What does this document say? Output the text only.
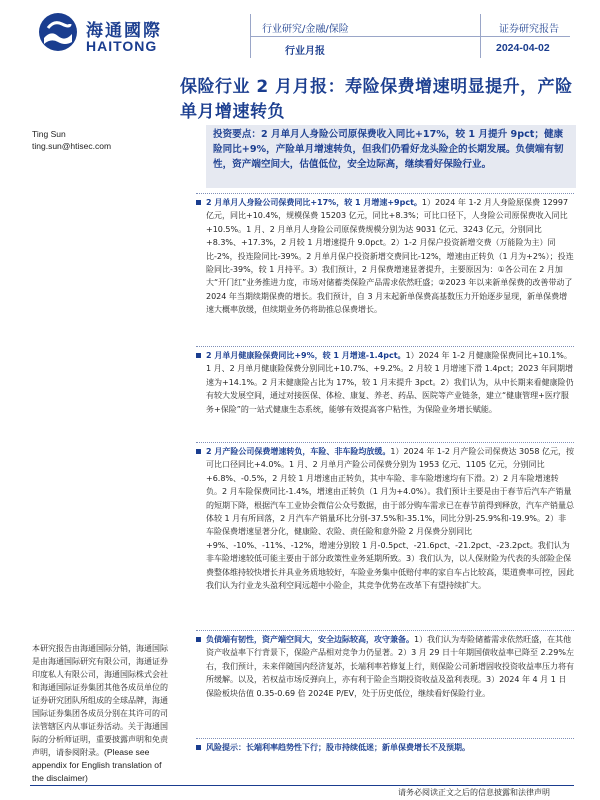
海通國際
HAITONG
行业研究/金融/保险
行业月报
证券研究报告
2024-04-02
保险行业 2 月月报：寿险保费增速明显提升，产险单月增速转负
Ting Sun
ting.sun@htisec.com
投资要点：2 月单月人身险公司原保费收入同比+17%，较 1 月提升 9pct；健康险同比+9%，产险单月增速转负，但我们仍看好龙头险企的长期发展。负债端有韧性，资产端空间大，估值低位，安全边际高，继续看好保险行业。
2 月单月人身险公司保费同比+17%，较 1 月增速+9pct。1）2024 年 1-2 月人身险原保费 12997 亿元，同比+10.4%，规模保费 15203 亿元，同比+8.3%；可比口径下，人身险公司原保费收入同比+10.5%。1 月、2 月单月人身险公司原保费规模分别为达 9031 亿元、3243 亿元，分别同比+8.3%、+17.3%，2 月较 1 月增速提升 9.0pct。2）1-2 月保户投资新增交费（万能险为主）同比-2%，投连险同比-39%。2 月单月保户投资新增交费同比-12%，增速由正转负（1 月为+2%）；投连险同比-39%，较 1 月持平。3）我们预计，2 月保费增速显著提升，主要原因为：①各公司在 2 月加大“开门红”业务推进力度，市场对储蓄类保险产品需求依然旺盛；②2023 年以来新单保费的改善带动了 2024 年当期续期保费的增长。我们预计，自 3 月末起新单保费高基数压力开始逐步显现，新单保费增速大概率放缓，但续期业务仍将助推总保费增长。
2 月单月健康险保费同比+9%，较 1 月增速-1.4pct。1）2024 年 1-2 月健康险保费同比+10.1%。1 月、2 月单月健康险保费分别同比+10.7%、+9.2%。2 月较 1 月增速下滑 1.4pct；2023 年同期增速为+14.1%。2 月末健康险占比为 17%，较 1 月末提升 3pct。2）我们认为，从中长期来看健康险仍有较大发展空间，通过对接医保、体检、康复、养老、药品、医院等产业链条，建立“健康管理+医疗服务+保险”的一站式健康生态系统，能够有效提高客户粘性，为保险业务增长赋能。
2 月产险公司保费增速转负，车险、非车险均放缓。1）2024 年 1-2 月产险公司保费达 3058 亿元，按可比口径同比+4.0%。1 月、2 月单月产险公司保费分别为 1953 亿元、1105 亿元，分别同比+6.8%、-0.5%，2 月较 1 月增速由正转负，其中车险、非车险增速均有下滑。2）2 月车险增速转负。2 月车险保费同比-1.4%，增速由正转负（1 月为+4.0%）。我们预计主要是由于春节后汽车产销量的短期下降，根据汽车工业协会微信公众号数据，由于部分购车需求已在春节前得到释放，汽车产销量总体较 1 月有所回落，2 月汽车产销量环比分别-37.5%和-35.1%，同比分别-25.9%和-19.9%。2）非车险保费增速显著分化，健康险、农险、责任险和意外险 2 月保费分别同比+9%、-10%、-11%、-12%，增速分别较 1 月-0.5pct、-21.6pct、-21.2pct、-23.2pct。我们认为非车险增速较低可能主要由于部分政策性业务延期所致。3）我们认为，以人保财险为代表的头部险企保费整体维持较快增长并具业务质地较好，车险业务集中低赔付率的家自车占比较高，渠道费率可控，因此我们认为行业龙头盈利空间远超中小险企，其竞争优势在改革下有望持续扩大。
负债端有韧性，资产端空间大，安全边际较高，攻守兼备。1）我们认为寿险储蓄需求依然旺盛，在其他资产收益率下行背景下，保险产品相对竞争力仍显著。2）3 月 29 日十年期国债收益率已降至 2.29%左右，我们预计，未来伴随国内经济复苏，长端利率若修复上行，则保险公司新增固收投资收益率压力将有所缓解。以及，若权益市场反弹向上，亦有利于险企当期投资收益及盈利表现。3）2024 年 4 月 1 日保险板块估值 0.35-0.69 倍 2024E P/EV，处于历史低位，继续看好保险行业。
风险提示：长端利率趋势性下行；股市持续低迷；新单保费增长不及预期。
本研究报告由海通国际分销，海通国际是由海通国际研究有限公司，海通证券印度私人有限公司，海通国际株式会社和海通国际证券集团其他各成员单位的证券研究团队所组成的全球品牌，海通国际证券集团各成员分别在其许可的司法管辖区内从事证券活动。关于海通国际的分析师证明，重要披露声明和免责声明，请参阅附录。(Please see appendix for English translation of the disclaimer)
请务必阅读正文之后的信息披露和法律声明
